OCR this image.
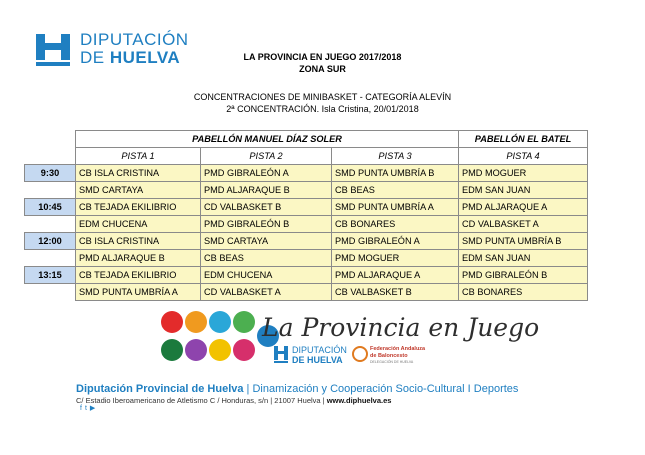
DIPUTACIÓN
DE HUELVA	LA PROVINCIA EN JUEGO 2017/2018
ZONA SUR
CONCENTRACIONES DE MINIBASKET - CATEGORÍA ALEVÍN
2ª CONCENTRACIÓN. Isla Cristina, 20/01/2018
	PABELLÓN MANUEL DÍAZ SOLER			PABELLÓN EL BATEL
	PISTA 1	PISTA 2	PISTA 3	PISTA 4
9:30	CB ISLA CRISTINA	PMD GIBRALEÓN A	SMD PUNTA UMBRÍA B	PMD MOGUER
	SMD CARTAYA	PMD ALJARAQUE B	CB BEAS	EDM SAN JUAN
10:45	CB TEJADA EKILIBRIO	CD VALBASKET B	SMD PUNTA UMBRÍA A	PMD ALJARAQUE A
	EDM CHUCENA	PMD GIBRALEÓN B	CB BONARES	CD VALBASKET A
12:00	CB ISLA CRISTINA	SMD CARTAYA	PMD GIBRALEÓN A	SMD PUNTA UMBRÍA B
	PMD ALJARAQUE B	CB BEAS	PMD MOGUER	EDM SAN JUAN
13:15	CB TEJADA EKILIBRIO	EDM CHUCENA	PMD ALJARAQUE A	PMD GIBRALEÓN B
	SMD PUNTA UMBRÍA A	CD VALBASKET A	CB VALBASKET B	CB BONARES
La Provincia en Juego
DIPUTACIÓN
DE HUELVA
Federación Andaluza
de Baloncesto
DELEGACIÓN DE HUELVA
Diputación Provincial de Huelva | Dinamización y Cooperación Socio-Cultural I Deportes
C/ Estadio Iberoamericano de Atletismo C / Honduras, s/n | 21007 Huelva | www.diphuelva.es
ft▶
